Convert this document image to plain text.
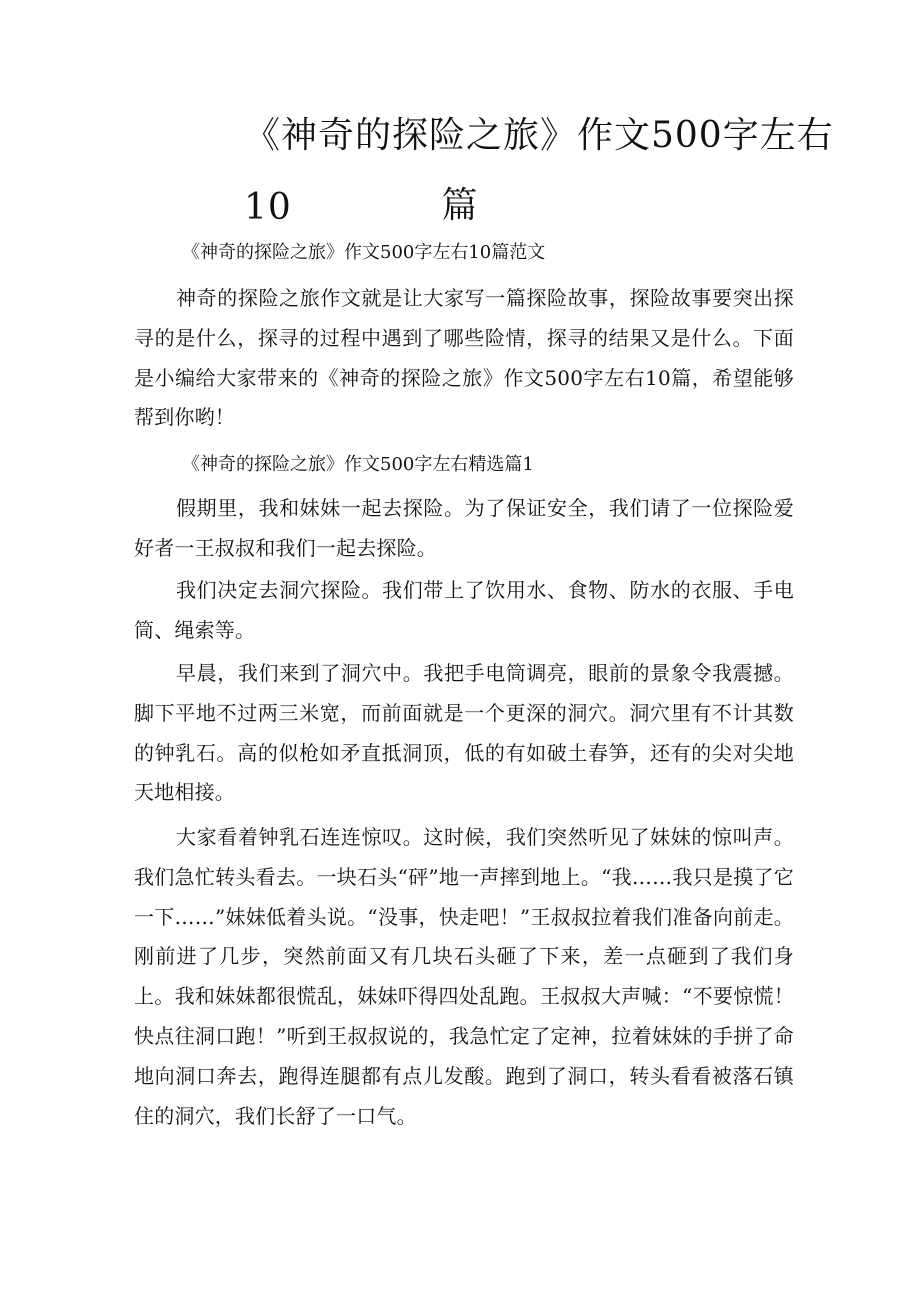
《神奇的探险之旅》作文500字左右10	篇

《神奇的探险之旅》作文500字左右10篇范文

神奇的探险之旅作文就是让大家写一篇探险故事，探险故事要突出探寻的是什么，探寻的过程中遇到了哪些险情，探寻的结果又是什么。下面是小编给大家带来的《神奇的探险之旅》作文500字左右10篇，希望能够帮到你哟！

《神奇的探险之旅》作文500字左右精选篇1

假期里，我和妹妹一起去探险。为了保证安全，我们请了一位探险爱好者一王叔叔和我们一起去探险。

我们决定去洞穴探险。我们带上了饮用水、食物、防水的衣服、手电筒、绳索等。

早晨，我们来到了洞穴中。我把手电筒调亮，眼前的景象令我震撼。脚下平地不过两三米宽，而前面就是一个更深的洞穴。洞穴里有不计其数的钟乳石。高的似枪如矛直抵洞顶，低的有如破土春笋，还有的尖对尖地天地相接。

大家看着钟乳石连连惊叹。这时候，我们突然听见了妹妹的惊叫声。我们急忙转头看去。一块石头“砰”地一声摔到地上。“我……我只是摸了它一下……”妹妹低着头说。“没事，快走吧！”王叔叔拉着我们准备向前走。刚前进了几步，突然前面又有几块石头砸了下来，差一点砸到了我们身上。我和妹妹都很慌乱，妹妹吓得四处乱跑。王叔叔大声喊：“不要惊慌！快点往洞口跑！”听到王叔叔说的，我急忙定了定神，拉着妹妹的手拼了命地向洞口奔去，跑得连腿都有点儿发酸。跑到了洞口，转头看看被落石镇住的洞穴，我们长舒了一口气。
